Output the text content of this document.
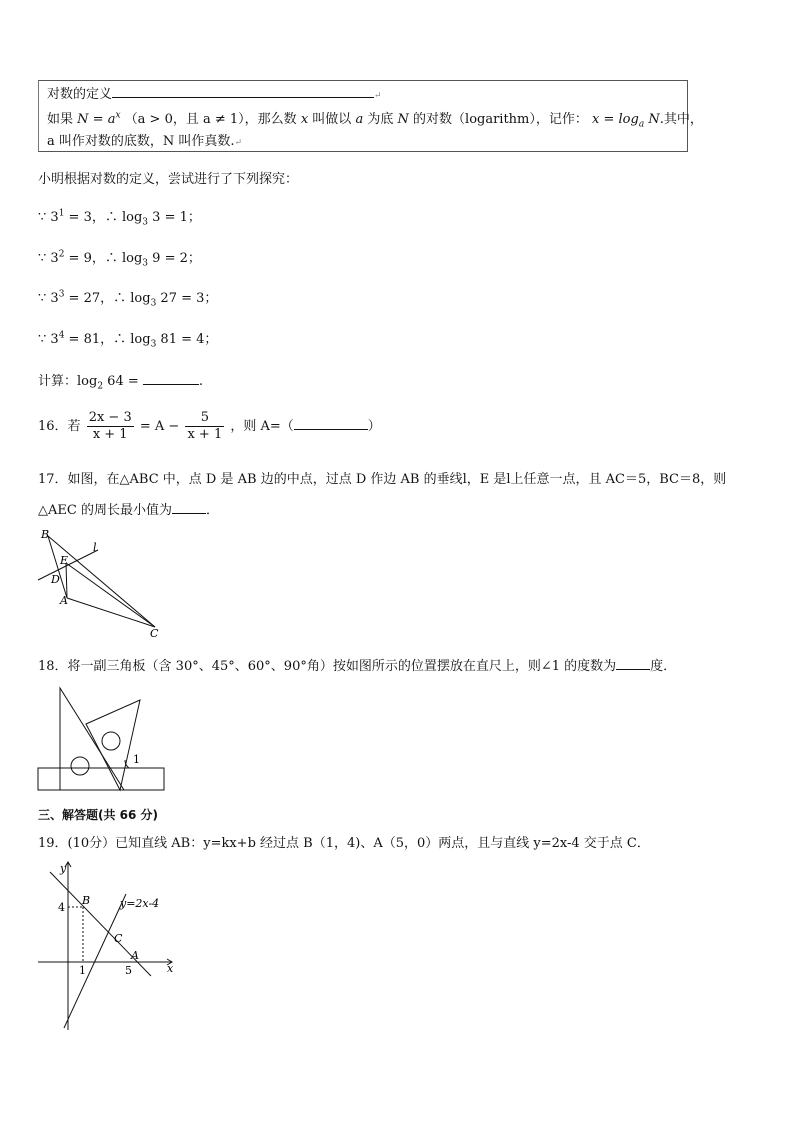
对数的定义	↵
如果 $N = a^x$ （a > 0，且 a ≠ 1），那么数 x 叫做以 a 为底 N 的对数（logarithm），记作： $x = \log_a N$.其中，
a 叫作对数的底数，N 叫作真数.↵
小明根据对数的定义，尝试进行了下列探究：
∵ $3^1 = 3$，∴ $\log_3 3 = 1$；
∵ $3^2 = 9$，∴ $\log_3 9 = 2$；
∵ $3^3 = 27$，∴ $\log_3 27 = 3$；
∵ $3^4 = 81$，∴ $\log_3 81 = 4$；
计算：$\log_2 64$ =	.
16．若 $\frac{2x - 3}{x + 1} = A - \frac{5}{x + 1}$ ，则 A=（	）
17．如图，在△ABC 中，点 D 是 AB 边的中点，过点 D 作边 AB 的垂线l，E 是l上任意一点，且 AC＝5，BC＝8，则
△AEC 的周长最小值为	．
B
E
l
D
A
C
18．将一副三角板（含 30°、45°、60°、90°角）按如图所示的位置摆放在直尺上，则∠1 的度数为	度．
1
三、解答题(共 66 分)
19．(10分）已知直线 AB：y=kx+b 经过点 B（1，4)、A（5，0）两点，且与直线 y=2x-4 交于点 C．
y
x
4
1	5
B
C
A
y=2x-4
